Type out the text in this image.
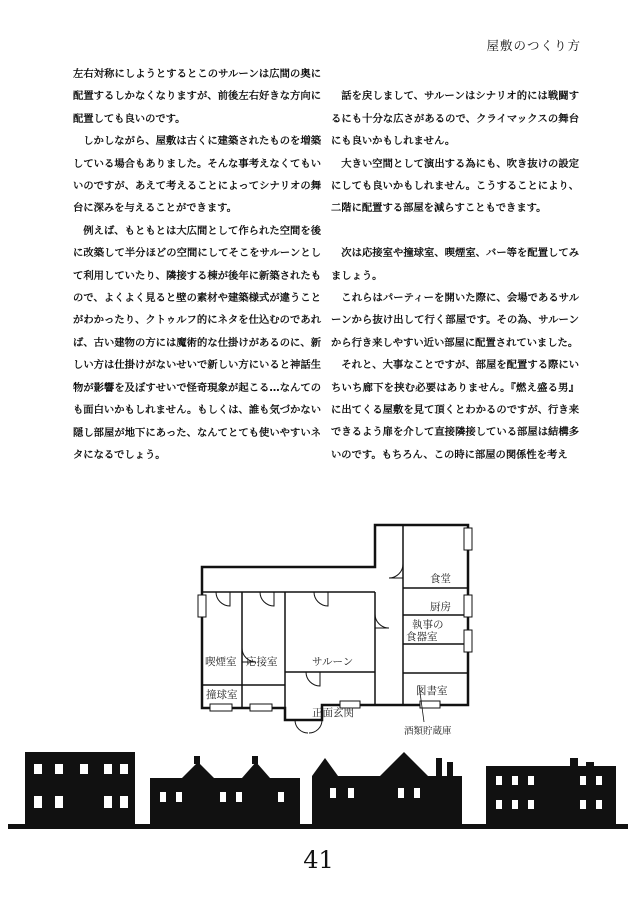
屋敷のつくり方

左右対称にしようとするとこのサルーンは広間の奥に配置するしかなくなりますが、前後左右好きな方向に配置しても良いのです。

しかしながら、屋敷は古くに建築されたものを増築している場合もありました。そんな事考えなくてもいいのですが、あえて考えることによってシナリオの舞台に深みを与えることができます。

例えば、もともとは大広間として作られた空間を後に改築して半分ほどの空間にしてそこをサルーンとして利用していたり、隣接する棟が後年に新築されたもので、よくよく見ると壁の素材や建築様式が違うことがわかったり、クトゥルフ的にネタを仕込むのであれば、古い建物の方には魔術的な仕掛けがあるのに、新しい方は仕掛けがないせいで新しい方にいると神話生物が影響を及ぼすせいで怪奇現象が起こる…なんてのも面白いかもしれません。もしくは、誰も気づかない隠し部屋が地下にあった、なんてとても使いやすいネタになるでしょう。

話を戻しまして、サルーンはシナリオ的には戦闘するにも十分な広さがあるので、クライマックスの舞台にも良いかもしれません。

大きい空間として演出する為にも、吹き抜けの設定にしても良いかもしれません。こうすることにより、二階に配置する部屋を減らすこともできます。

次は応接室や撞球室、喫煙室、バー等を配置してみましょう。

これらはパーティーを開いた際に、会場であるサルーンから抜け出して行く部屋です。その為、サルーンから行き来しやすい近い部屋に配置されていました。

それと、大事なことですが、部屋を配置する際にいちいち廊下を挟む必要はありません。『燃え盛る男』に出てくる屋敷を見て頂くとわかるのですが、行き来できるよう扉を介して直接隣接している部屋は結構多いのです。もちろん、この時に部屋の関係性を考え

喫煙室 応接室	サルーン
撞球室
正面玄関
食堂
厨房
執事の食器室
図書室
酒類貯蔵庫
41
